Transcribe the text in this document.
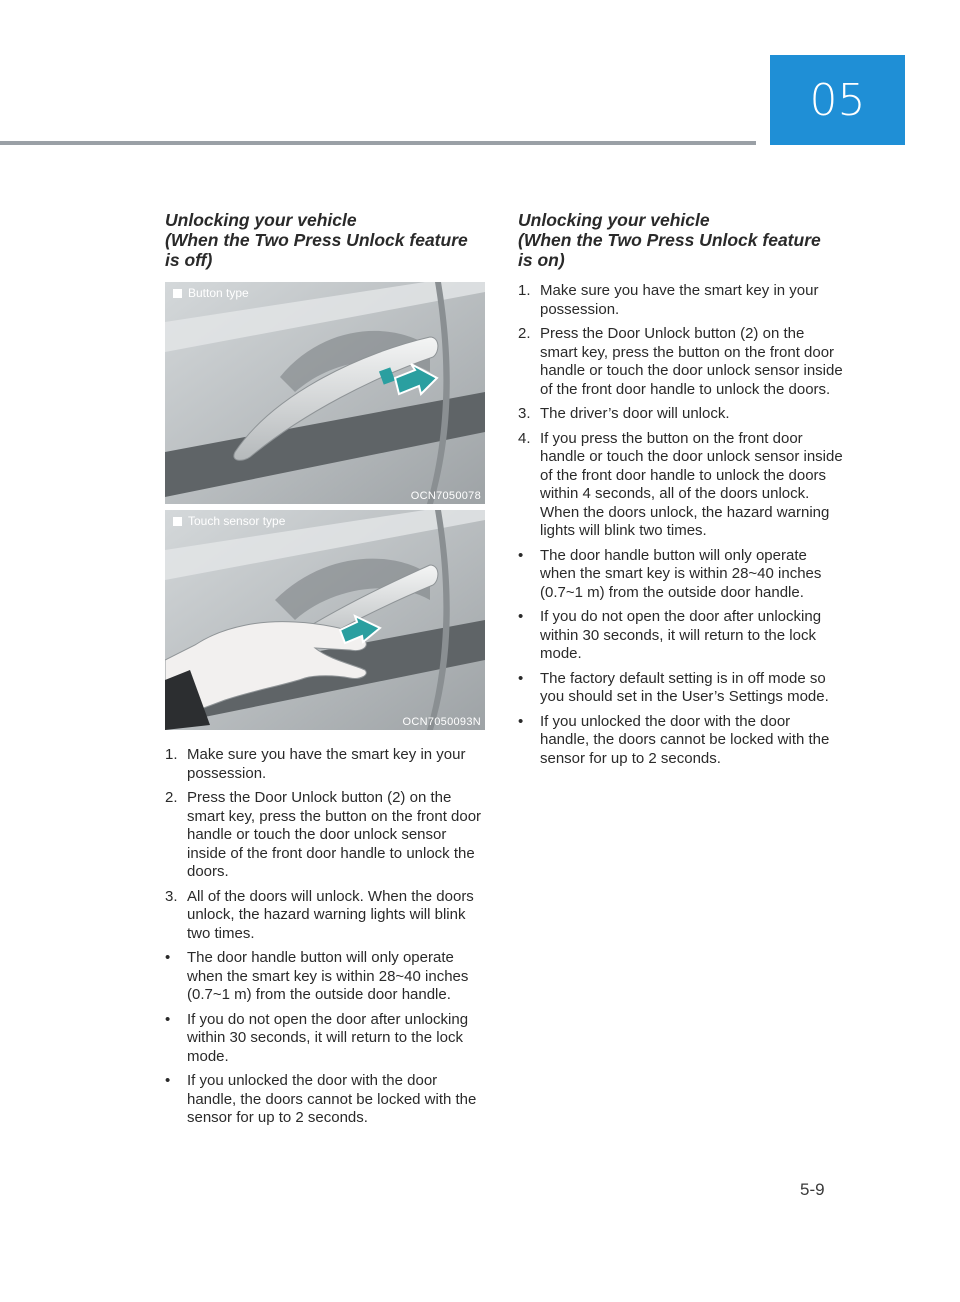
05
Unlocking your vehicle
(When the Two Press Unlock feature
is off)
Button type
OCN7050078
Touch sensor type
OCN7050093N
1. Make sure you have the smart key in your possession.
2. Press the Door Unlock button (2) on the smart key, press the button on the front door handle or touch the door unlock sensor inside of the front door handle to unlock the doors.
3. All of the doors will unlock. When the doors unlock, the hazard warning lights will blink two times.
• The door handle button will only operate when the smart key is within 28~40 inches (0.7~1 m) from the outside door handle.
• If you do not open the door after unlocking within 30 seconds, it will return to the lock mode.
• If you unlocked the door with the door handle, the doors cannot be locked with the sensor for up to 2 seconds.
Unlocking your vehicle
(When the Two Press Unlock feature
is on)
1. Make sure you have the smart key in your possession.
2. Press the Door Unlock button (2) on the smart key, press the button on the front door handle or touch the door unlock sensor inside of the front door handle to unlock the doors.
3. The driver’s door will unlock.
4. If you press the button on the front door handle or touch the door unlock sensor inside of the front door handle to unlock the doors within 4 seconds, all of the doors unlock. When the doors unlock, the hazard warning lights will blink two times.
• The door handle button will only operate when the smart key is within 28~40 inches (0.7~1 m) from the outside door handle.
• If you do not open the door after unlocking within 30 seconds, it will return to the lock mode.
• The factory default setting is in off mode so you should set in the User’s Settings mode.
• If you unlocked the door with the door handle, the doors cannot be locked with the sensor for up to 2 seconds.
5-9
